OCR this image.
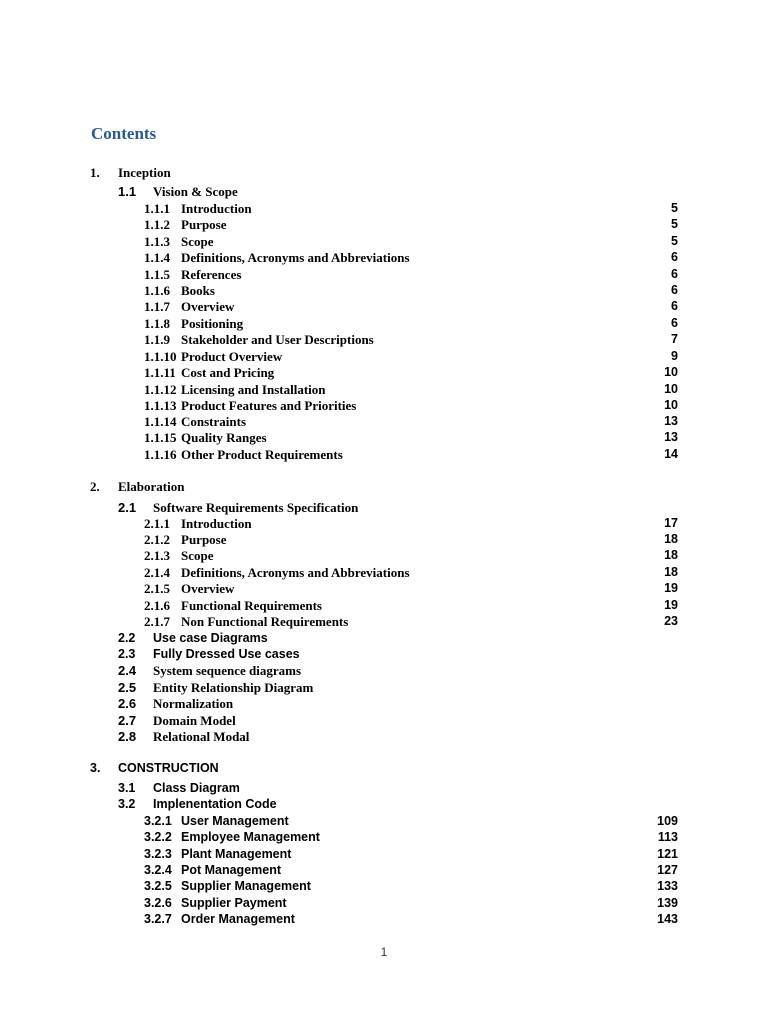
Contents
1. Inception
1.1 Vision & Scope
1.1.1 Introduction	5
1.1.2 Purpose	5
1.1.3 Scope	5
1.1.4 Definitions, Acronyms and Abbreviations	6
1.1.5 References	6
1.1.6 Books	6
1.1.7 Overview	6
1.1.8 Positioning	6
1.1.9 Stakeholder and User Descriptions	7
1.1.10 Product Overview	9
1.1.11 Cost and Pricing	10
1.1.12 Licensing and Installation	10
1.1.13 Product Features and Priorities	10
1.1.14 Constraints	13
1.1.15 Quality Ranges	13
1.1.16 Other Product Requirements	14
2. Elaboration
2.1 Software Requirements Specification
2.1.1 Introduction	17
2.1.2 Purpose	18
2.1.3 Scope	18
2.1.4 Definitions, Acronyms and Abbreviations	18
2.1.5 Overview	19
2.1.6 Functional Requirements	19
2.1.7 Non Functional Requirements	23
2.2 Use case Diagrams
2.3 Fully Dressed Use cases
2.4 System sequence diagrams
2.5 Entity Relationship Diagram
2.6 Normalization
2.7 Domain Model
2.8 Relational Modal
3. CONSTRUCTION
3.1 Class Diagram
3.2 Implenentation Code
3.2.1 User Management	109
3.2.2 Employee Management	113
3.2.3 Plant Management	121
3.2.4 Pot Management	127
3.2.5 Supplier Management	133
3.2.6 Supplier Payment	139
3.2.7 Order Management	143
1
